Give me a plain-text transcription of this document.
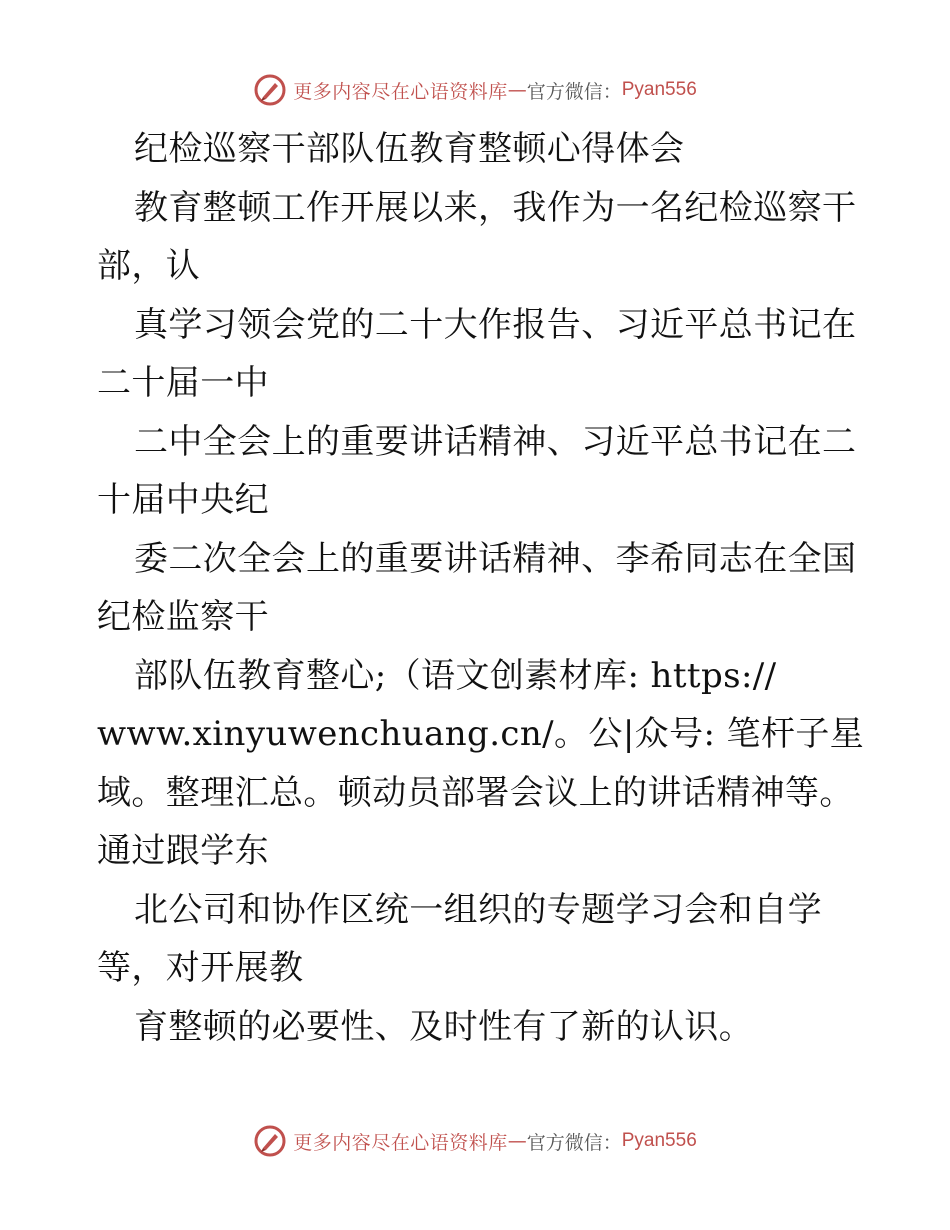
更多内容尽在心语资料库 — 官方微信： Pyan556
纪检巡察干部队伍教育整顿心得体会
教育整顿工作开展以来，我作为一名纪检巡察干
部，认
真学习领会党的二十大作报告、习近平总书记在
二十届一中
二中全会上的重要讲话精神、习近平总书记在二
十届中央纪
委二次全会上的重要讲话精神、李希同志在全国
纪检监察干
部队伍教育整心;（语文创素材库: https://
www.xinyuwenchuang.cn/。公|众号: 笔杆子星
域。整理汇总。顿动员部署会议上的讲话精神等。
通过跟学东
北公司和协作区统一组织的专题学习会和自学
等，对开展教
育整顿的必要性、及时性有了新的认识。
更多内容尽在心语资料库 — 官方微信： Pyan556
